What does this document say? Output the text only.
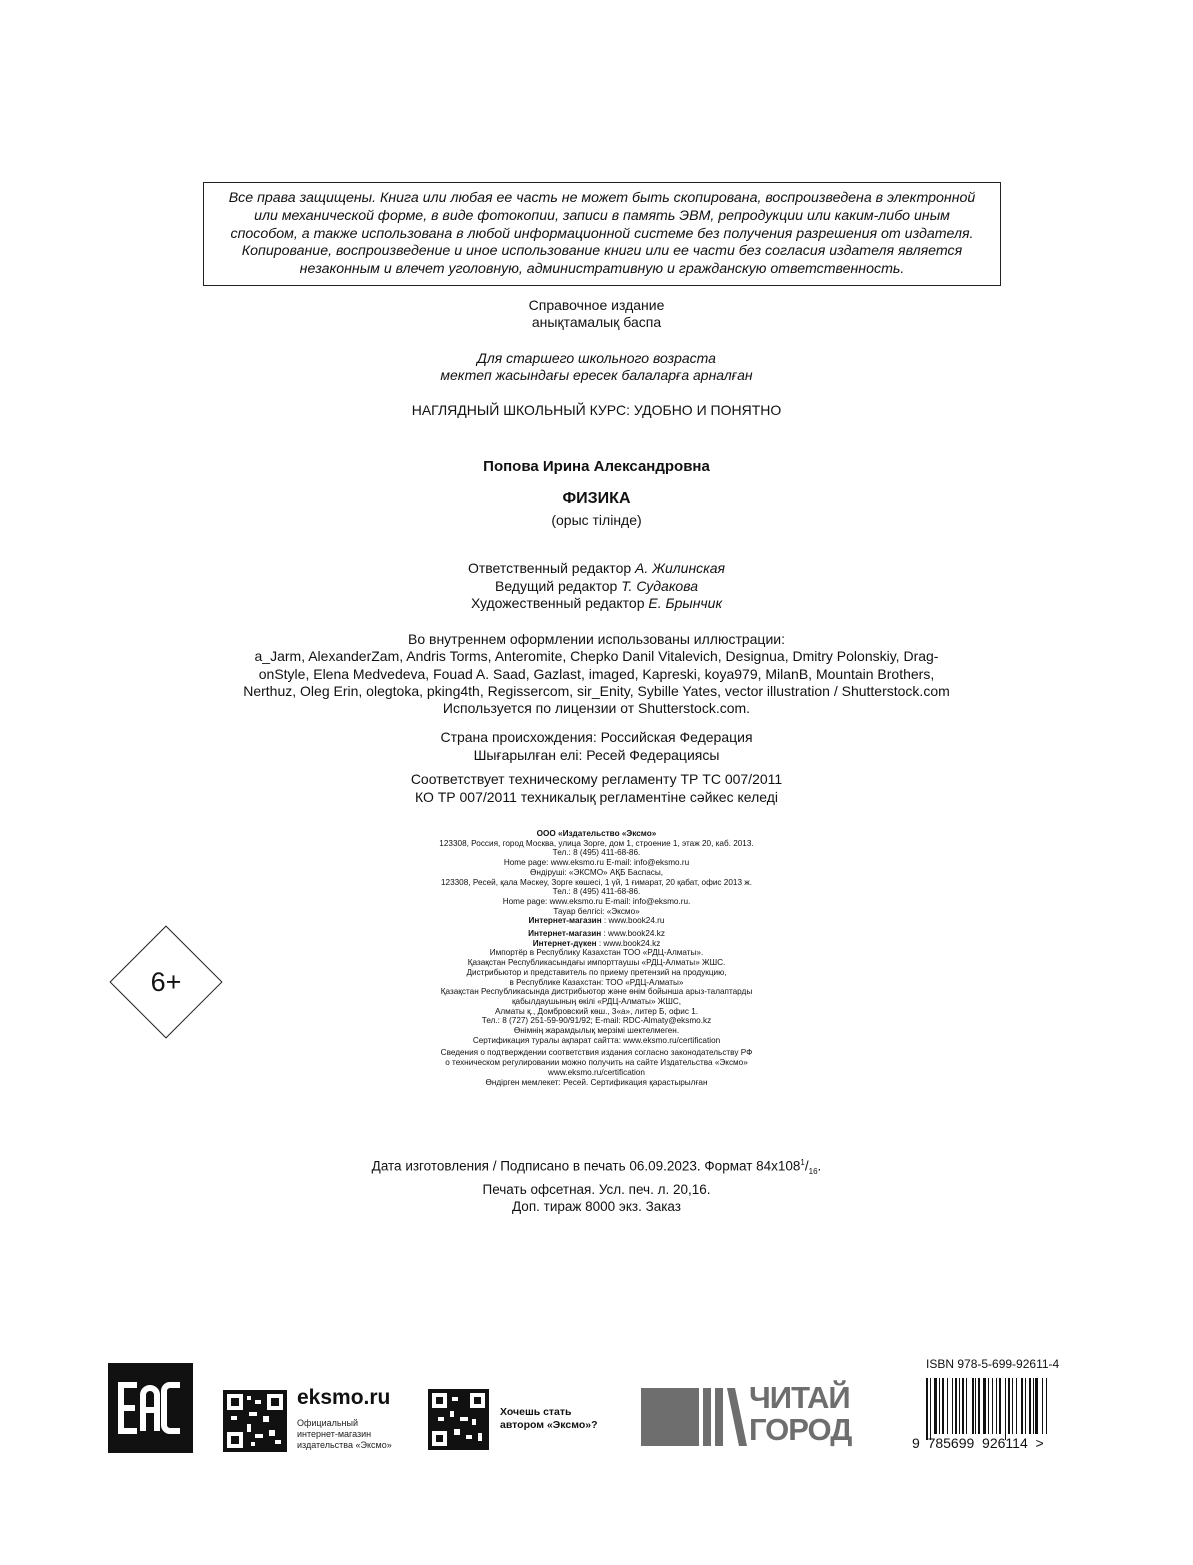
Все права защищены. Книга или любая ее часть не может быть скопирована, воспроизведена в электронной
или механической форме, в виде фотокопии, записи в память ЭВМ, репродукции или каким-либо иным
способом, а также использована в любой информационной системе без получения разрешения от издателя.
Копирование, воспроизведение и иное использование книги или ее части без согласия издателя является
незаконным и влечет уголовную, административную и гражданскую ответственность.
Справочное издание
анықтамалық баспа
Для старшего школьного возраста
мектеп жасындағы ересек балаларға арналған
НАГЛЯДНЫЙ ШКОЛЬНЫЙ КУРС: УДОБНО И ПОНЯТНО
Попова Ирина Александровна
ФИЗИКА
(орыс тілінде)
Ответственный редактор А. Жилинская
Ведущий редактор Т. Судакова
Художественный редактор Е. Брынчик
Во внутреннем оформлении использованы иллюстрации:
a_Jarm, AlexanderZam, Andris Torms, Anteromite, Chepko Danil Vitalevich, Designua, Dmitry Polonskiy, Drag-
onStyle, Elena Medvedeva, Fouad A. Saad, Gazlast, imaged, Kapreski, koya979, MilanB, Mountain Brothers,
Nerthuz, Oleg Erin, olegtoka, pking4th, Regissercom, sir_Enity, Sybille Yates, vector illustration / Shutterstock.com
Используется по лицензии от Shutterstock.com.
Страна происхождения: Российская Федерация
Шығарылған елі: Ресей Федерациясы
Соответствует техническому регламенту ТР ТС 007/2011
КО ТР 007/2011 техникалық регламентіне сәйкес келеді
ООО «Издательство «Эксмо»
123308, Россия, город Москва, улица Зорге, дом 1, строение 1, этаж 20, каб. 2013.
Тел.: 8 (495) 411-68-86.
Home page: www.eksmo.ru E-mail: info@eksmo.ru
Өндіруші: «ЭКСМО» АҚБ Баспасы,
123308, Ресей, қала Мәскеу, Зорге көшесі, 1 үй, 1 ғимарат, 20 қабат, офис 2013 ж.
Тел.: 8 (495) 411-68-86.
Home page: www.eksmo.ru E-mail: info@eksmo.ru.
Тауар белгісі: «Эксмо»
Интернет-магазин : www.book24.ru
Интернет-магазин : www.book24.kz
Интернет-дүкен : www.book24.kz
Импортёр в Республику Казахстан ТОО «РДЦ-Алматы».
Қазақстан Республикасындағы импорттаушы «РДЦ-Алматы» ЖШС.
Дистрибьютор и представитель по приему претензий на продукцию,
в Республике Казахстан: ТОО «РДЦ-Алматы»
Қазақстан Республикасында дистрибьютор және өнім бойынша арыз-талаптарды
қабылдаушының өкілі «РДЦ-Алматы» ЖШС,
Алматы қ., Домбровский көш., 3«а», литер Б, офис 1.
Тел.: 8 (727) 251-59-90/91/92; E-mail: RDC-Almaty@eksmo.kz
Өнімнің жарамдылық мерзімі шектелмеген.
Сертификация туралы ақпарат сайтта: www.eksmo.ru/certification
Сведения о подтверждении соответствия издания согласно законодательству РФ
о техническом регулировании можно получить на сайте Издательства «Эксмо»
www.eksmo.ru/certification
Өндірген мемлекет: Ресей. Сертификация қарастырылған
6+
Дата изготовления / Подписано в печать 06.09.2023. Формат $84x108^1/_{16}$.
Печать офсетная. Усл. печ. л. 20,16.
Доп. тираж 8000 экз. Заказ
eksmo.ru
Официальный
интернет-магазин
издательства «Эксмо»
Хочешь стать
автором «Эксмо»?
ЧИТАЙ
ГОРОД
ISBN 978-5-699-92611-4
9  785699  926114  >
